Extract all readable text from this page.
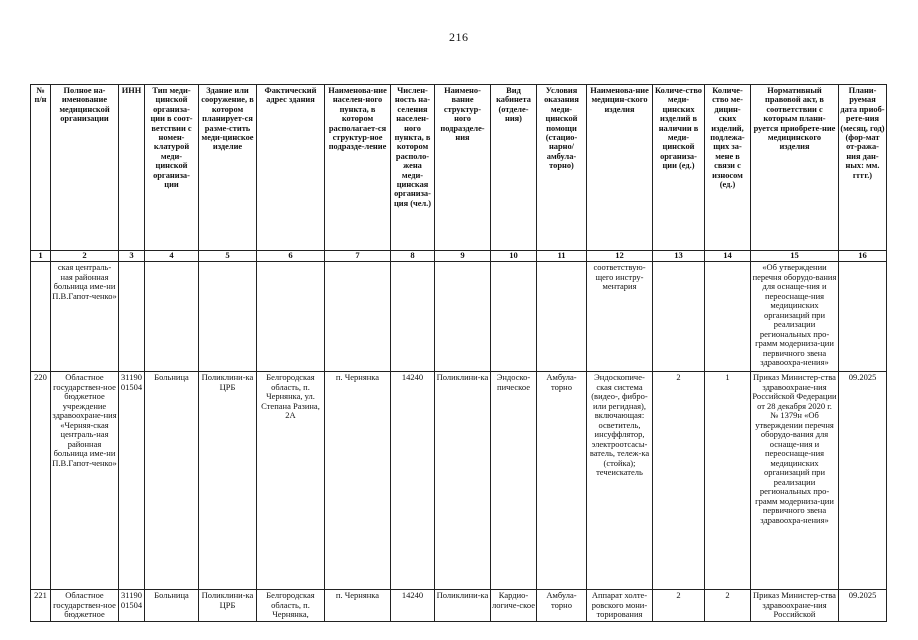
216
№ п/н	Полное на-именование медицинской организации	ИНН	Тип меди-цинской организа-ции в соот-ветствии с номен-клатурой меди-цинской организа-ции	Здание или сооружение, в котором планирует-ся разме-стить меди-цинское изделие	Фактический адрес здания	Наименова-ние населен-ного пункта, в котором располагает-ся структур-ное подразде-ление	Числен-ность на-селения населен-ного пункта, в котором располо-жена меди-цинская организа-ция (чел.)	Наимено-вание структур-ного подразделе-ния	Вид кабинета (отделе-ния)	Условия оказания меди-цинской помощи (стацио-нарно/ амбула-торно)	Наименова-ние медицин-ского изделия	Количе-ство меди-цинских изделий в наличии в меди-цинской организа-ции (ед.)	Количе-ство ме-дицин-ских изделий, подлежа-щих за-мене в связи с износом (ед.)	Нормативный правовой акт, в соответствии с которым плани-руется приобрете-ние медицинского изделия	Плани-руемая дата приоб-рете-ния (месяц, год) (фор-мат от-ража-ния дан-ных: мм. гггг.)
1	2	3	4	5	6	7	8	9	10	11	12	13	14	15	16
	ская централь-ная районная больница име-ни П.В.Гапот-ченко»										соответствую-щего инстру-ментария			«Об утверждении перечня оборудо-вания для оснаще-ния и переоснаще-ния медицинских организаций при реализации региональных про-грамм модерниза-ции первичного звена здравоохра-нения»	
220	Областное государствен-ное бюджетное учреждение здравоохране-ния «Черняя-ская централь-ная районная больница име-ни П.В.Гапот-ченко»	31190 01504	Больница	Поликлини-ка ЦРБ	Белгородская область, п. Чернянка, ул. Степана Разина, 2А	п. Чернянка	14240	Поликлини-ка	Эндоско-пическое	Амбула-торно	Эндоскопиче-ская система (видео-, фибро-или регидная), включающая: осветитель, инсуффлятор, электроотсасы-ватель, тележ-ка (стойка); течеискатель	2	1	Приказ Министер-ства здравоохране-ния Российской Федерации от 28 декабря 2020 г. № 1379н «Об утверждении перечня оборудо-вания для оснаще-ния и переоснаще-ния медицинских организаций при реализации региональных про-грамм модерниза-ции первичного звена здравоохра-нения»	09.2025
221	Областное государствен-ное бюджетное	31190 01504	Больница	Поликлини-ка ЦРБ	Белгородская область, п. Чернянка,	п. Чернянка	14240	Поликлини-ка	Кардио-логиче-ское	Амбула-торно	Аппарат холте-ровского мони-торирования	2	2	Приказ Министер-ства здравоохране-ния Российской	09.2025
